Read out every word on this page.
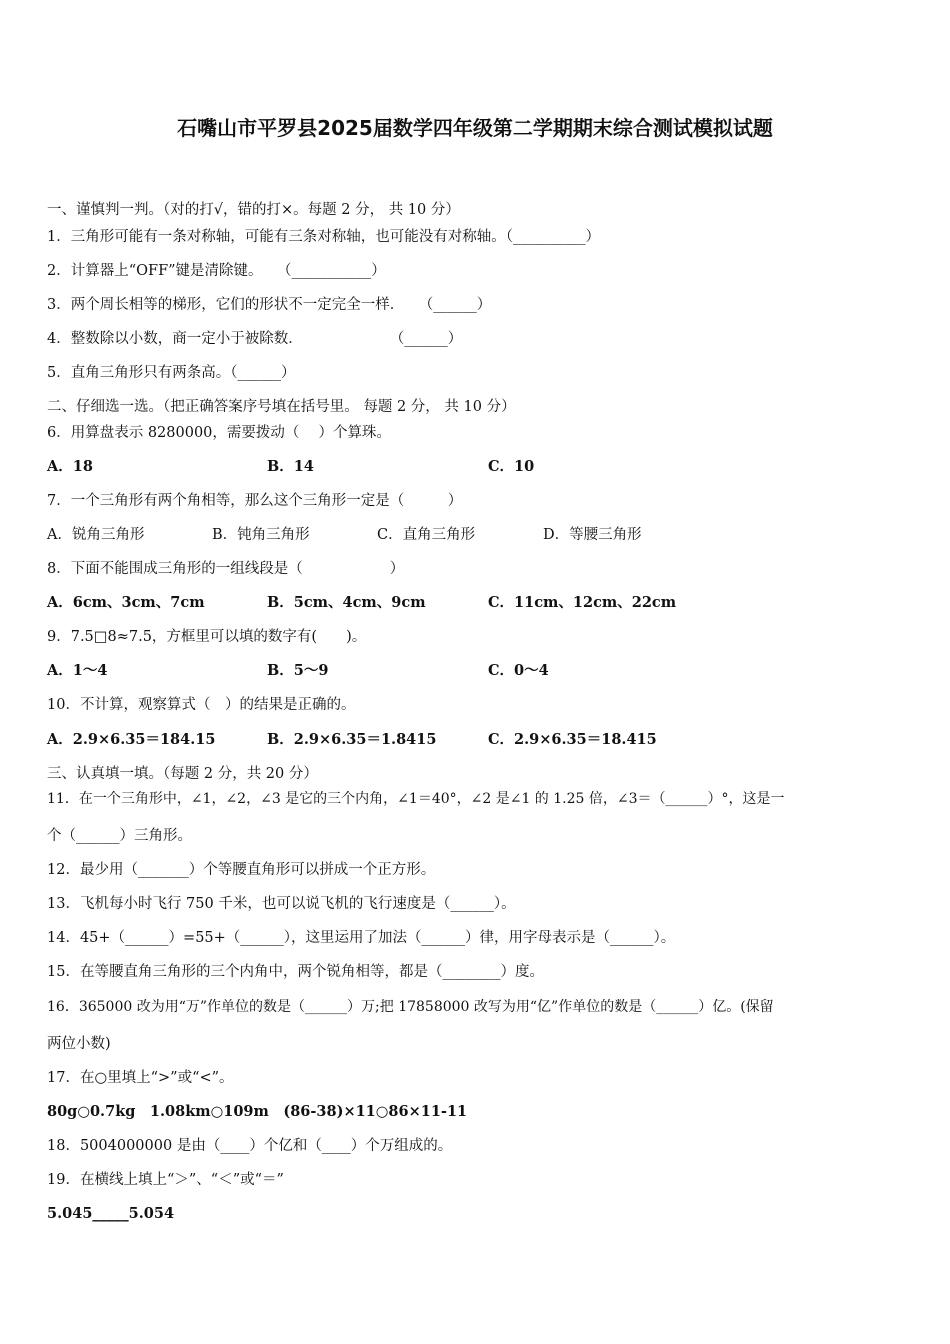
石嘴山市平罗县2025届数学四年级第二学期期末综合测试模拟试题
一、谨慎判一判。（对的打√，错的打×。每题 2 分， 共 10 分）
1．三角形可能有一条对称轴，可能有三条对称轴，也可能没有对称轴。（__________）
2．计算器上“OFF”键是清除键。　　（___________）
3．两个周长相等的梯形，它们的形状不一定完全一样．　　（______）
4．整数除以小数，商一定小于被除数．　　　　　　　（______）
5．直角三角形只有两条高。（______）
二、仔细选一选。（把正确答案序号填在括号里。 每题 2 分， 共 10 分）
6．用算盘表示 8280000，需要拨动（　 ）个算珠。
A．18	B．14	C．10
7．一个三角形有两个角相等，那么这个三角形一定是（　　　）
A．锐角三角形	B．钝角三角形	C．直角三角形	D．等腰三角形
8．下面不能围成三角形的一组线段是（　　　　　　）
A．6cm、3cm、7cm	B．5cm、4cm、9cm	C．11cm、12cm、22cm
9．7.5□8≈7.5，方框里可以填的数字有(　　)。
A．1～4	B．5～9	C．0～4
10．不计算，观察算式（　）的结果是正确的。
A．2.9×6.35＝184.15	B．2.9×6.35＝1.8415	C．2.9×6.35＝18.415
三、认真填一填。（每题 2 分，共 20 分）
11．在一个三角形中，∠1，∠2，∠3 是它的三个内角，∠1＝40°，∠2 是∠1 的 1.25 倍，∠3＝（______）°，这是一
个（______）三角形。
12．最少用（_______）个等腰直角形可以拼成一个正方形。
13．飞机每小时飞行 750 千米，也可以说飞机的飞行速度是（______）。
14．45+（______）=55+（______），这里运用了加法（______）律，用字母表示是（______）。
15．在等腰直角三角形的三个内角中，两个锐角相等，都是（________）度。
16．365000 改为用“万”作单位的数是（______）万;把 17858000 改写为用“亿”作单位的数是（______）亿。(保留
两位小数)
17．在○里填上“>”或“<”。
80g○0.7kg　1.08km○109m　(86-38)×11○86×11-11
18．5004000000 是由（____）个亿和（____）个万组成的。
19．在横线上填上“＞”、“＜”或“＝”
5.045_____5.054
